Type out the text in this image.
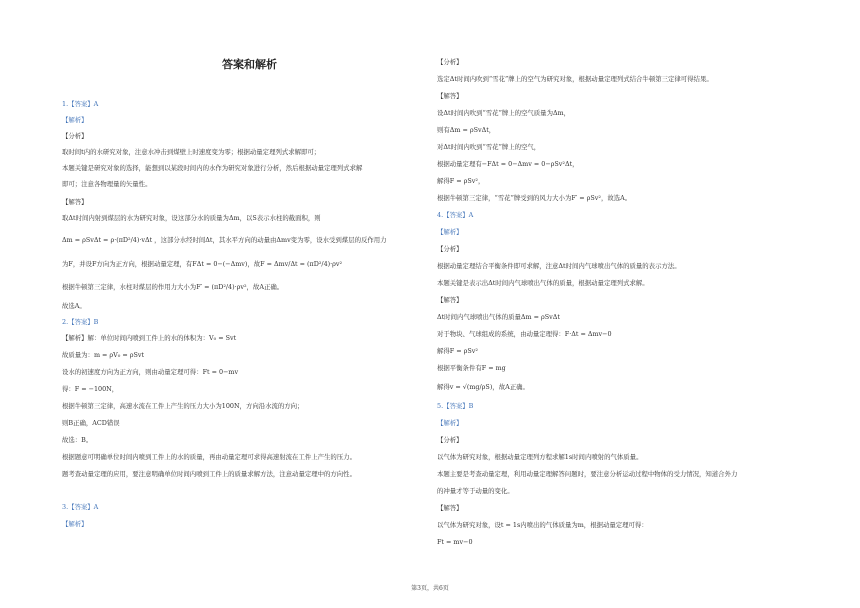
答案和解析
1.【答案】A
【解析】
【分析】
取时间t内的水研究对象，注意水冲击到煤壁上时速度变为零；根据动量定理列式求解即可；
本题关键是研究对象的选择，能想到以某段时间内的水作为研究对象进行分析，然后根据动量定理列式求解
即可；注意各物理量的矢量性。
【解答】
取Δt时间内射到煤层的水为研究对象，设这部分水的质量为Δm，以S表示水柱的截面积，则
Δm = ρSvΔt = ρ·(πD²/4)·vΔt ，这部分水经时间Δt，其水平方向的动量由Δmv变为零，设水受到煤层的反作用力
为F，并设F方向为正方向，根据动量定理，有FΔt = 0−(−Δmv)，故F = Δmv/Δt = (πD²/4)·ρv²
根据牛顿第三定律，水柱对煤层的作用力大小为F′ = (πD²/4)·ρv²，故A正确。
故选A。
2.【答案】B
【解析】解：单位时间内喷到工件上的水的体积为：V₀ = Svt
故质量为：m = ρV₀ = ρSvt
设水的初速度方向为正方向，则由动量定理可得：Ft = 0−mv
得：F = −100N，
根据牛顿第三定律，高速水流在工件上产生的压力大小为100N，方向沿水流的方向；
则B正确，ACD错误
故选：B。
根据题意可明确单位时间内喷到工件上的水的质量，再由动量定理可求得高速射流在工件上产生的压力。
题考查动量定理的应用，要注意明确单位时间内喷到工件上的质量求解方法，注意动量定理中的方向性。
3.【答案】A
【解析】
【分析】
选定Δt时间内吹到“雪花”牌上的空气为研究对象，根据动量定理列式结合牛顿第三定律可得结果。
【解答】
设Δt时间内吹到“雪花”牌上的空气质量为Δm，
则有Δm = ρSvΔt，
对Δt时间内吹到“雪花”牌上的空气，
根据动量定理有−FΔt = 0−Δmv = 0−ρSv²Δt，
解得F = ρSv²，
根据牛顿第三定律，“雪花”牌受到的风力大小为F′ = ρSv²，故选A。
4.【答案】A
【解析】
【分析】
根据动量定理结合平衡条件即可求解，注意Δt时间内气球喷出气体的质量的表示方法。
本题关键是表示出Δt时间内气球喷出气体的质量，根据动量定理列式求解。
【解答】
Δt时间内气球喷出气体的质量Δm = ρSvΔt
对于物块、气球组成的系统，由动量定理得：F·Δt = Δmv−0
解得F = ρSv²
根据平衡条件有F = mg
解得v = √(mg/ρS)，故A正确。
5.【答案】B
【解析】
【分析】
以气体为研究对象，根据动量定理列方程求解1s时间内喷射的气体质量。
本题主要是考查动量定理，利用动量定理解答问题时，要注意分析运动过程中物体的受力情况，知道合外力
的冲量才等于动量的变化。
【解答】
以气体为研究对象，设t = 1s内喷出的气体质量为m，根据动量定理可得：
Ft = mv−0
第3页，共6页
